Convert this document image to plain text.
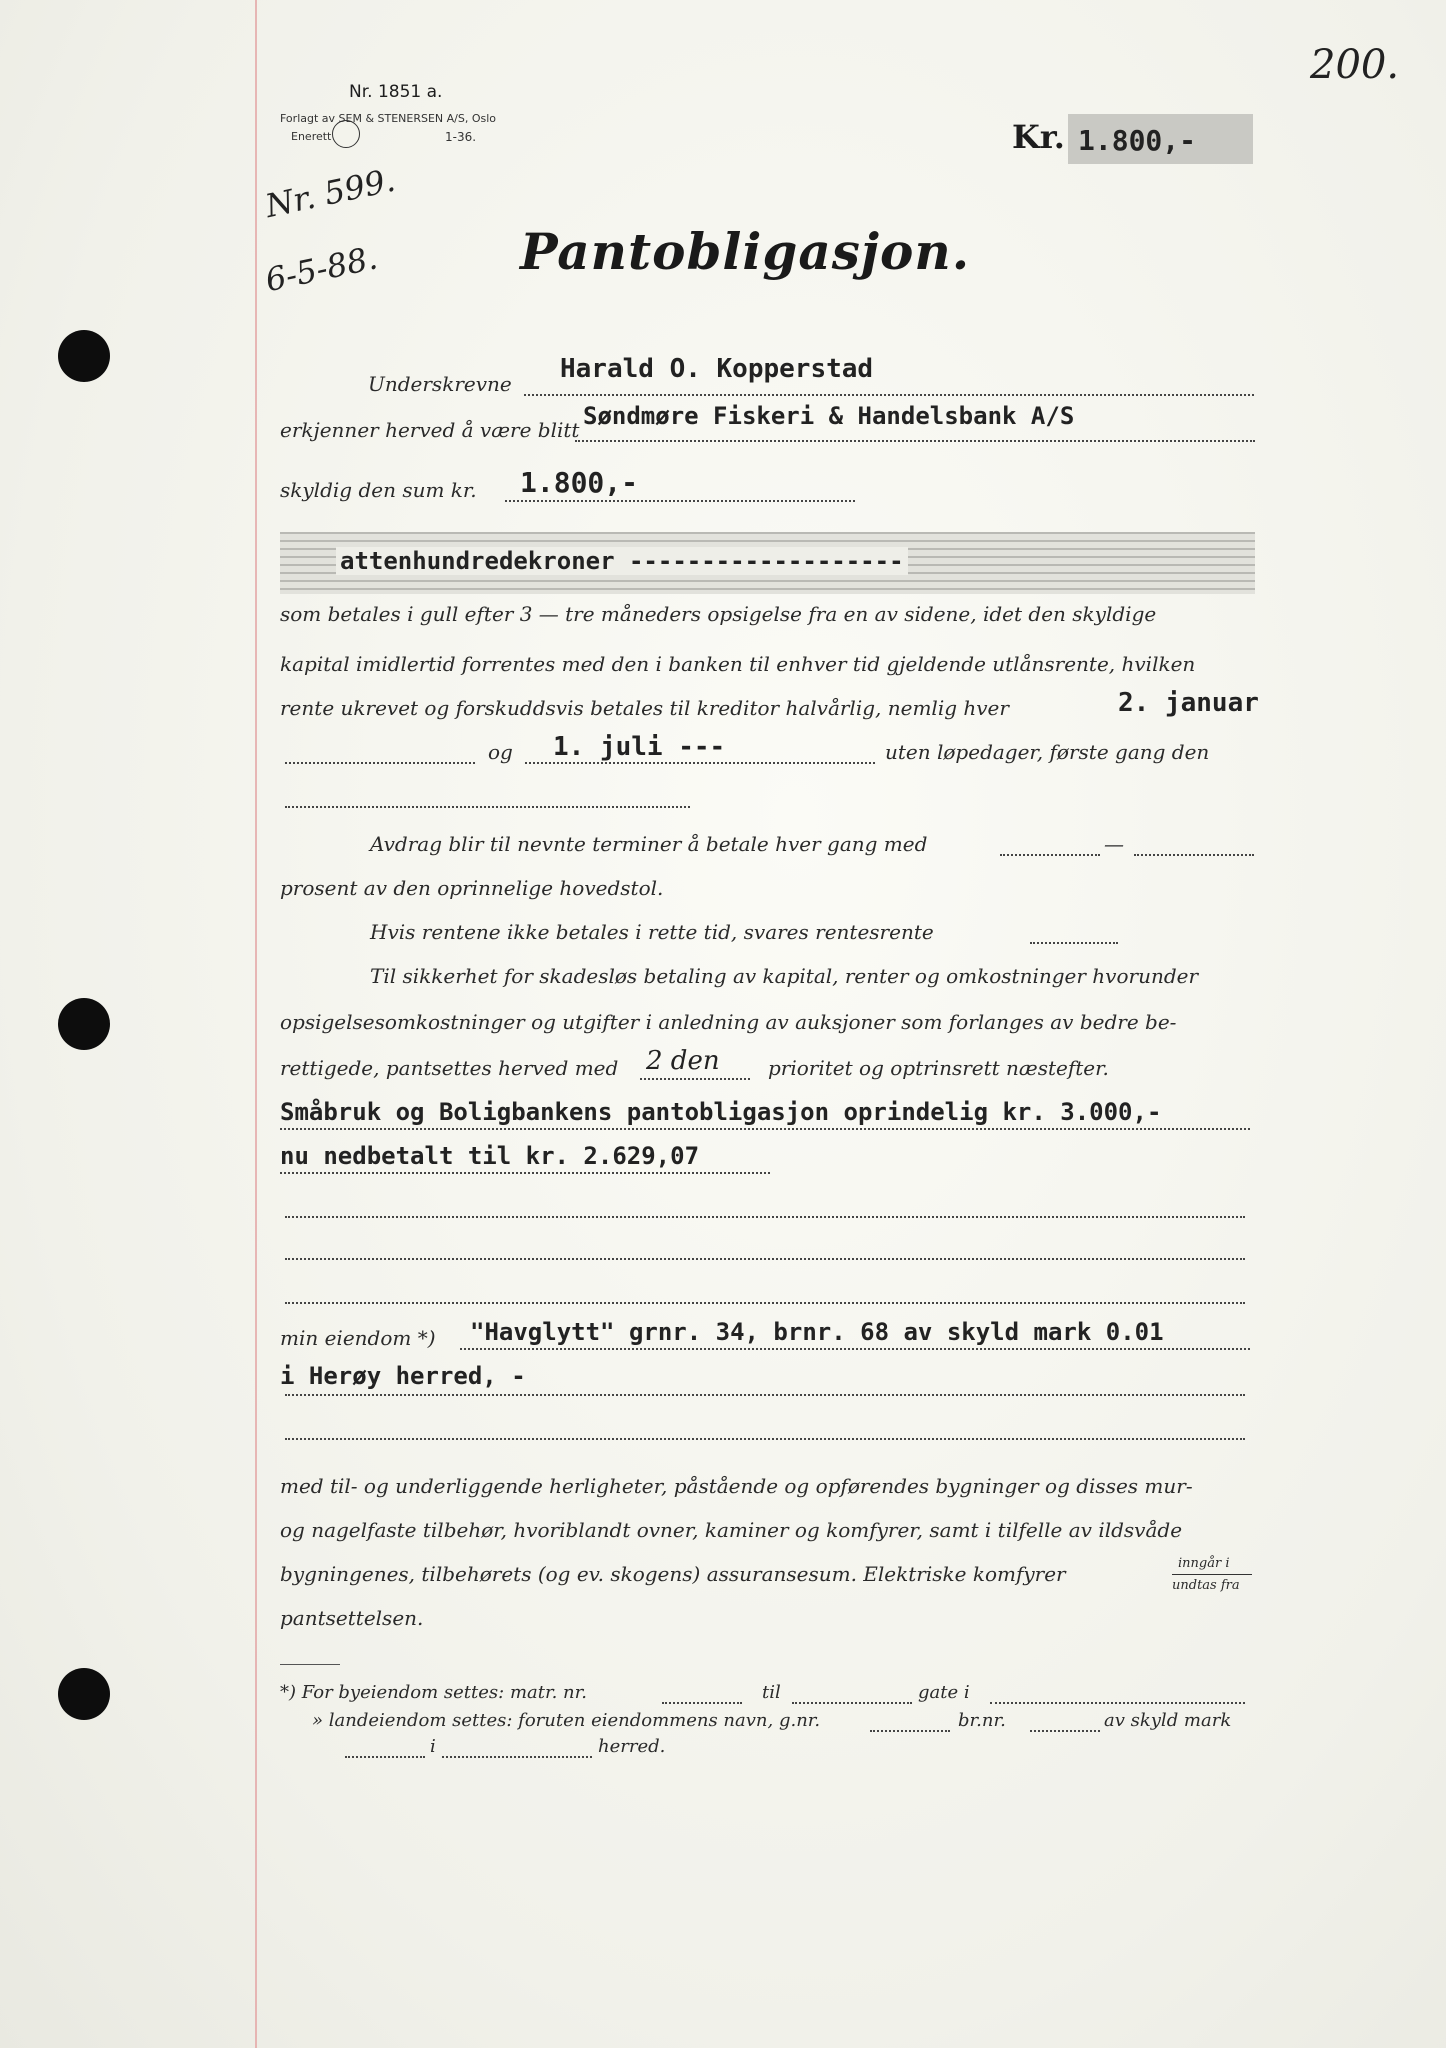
200.
Nr. 1851 a.
Forlagt av SEM & STENERSEN A/S, Oslo
Enerett	1-36.	Kr. 1.800,-
Nr. 599.
6-5-88.	Pantobligasjon.
Underskrevne Harald O. Kopperstad
erkjenner herved å være blitt Søndmøre Fiskeri & Handelsbank A/S
skyldig den sum kr. 1.800,-
attenhundredekroner -------------------
som betales i gull efter 3 — tre måneders opsigelse fra en av sidene, idet den skyldige
kapital imidlertid forrentes med den i banken til enhver tid gjeldende utlånsrente, hvilken
rente ukrevet og forskuddsvis betales til kreditor halvårlig, nemlig hver	2. januar
og 1. juli ---	uten løpedager, første gang den
Avdrag blir til nevnte terminer å betale hver gang med	—
prosent av den oprinnelige hovedstol.
Hvis rentene ikke betales i rette tid, svares rentesrente
Til sikkerhet for skadesløs betaling av kapital, renter og omkostninger hvorunder
opsigelsesomkostninger og utgifter i anledning av auksjoner som forlanges av bedre be-
rettigede, pantsettes herved med 2 den prioritet og optrinsrett næstefter.
Småbruk og Boligbankens pantobligasjon oprindelig kr. 3.000,-
nu nedbetalt til kr. 2.629,07
min eiendom *) "Havglytt" grnr. 34, brnr. 68 av skyld mark 0.01
i Herøy herred, -
med til- og underliggende herligheter, påstående og opførendes bygninger og disses mur-
og nagelfaste tilbehør, hvoriblandt ovner, kaminer og komfyrer, samt i tilfelle av ildsvåde
bygningenes, tilbehørets (og ev. skogens) assuransesum. Elektriske komfyrer	inngår i
undtas fra
pantsettelsen.
*) For byeiendom settes: matr. nr.	til	gate i
» landeiendom settes: foruten eiendommens navn, g.nr.	br.nr.	av skyld mark
i	herred.
